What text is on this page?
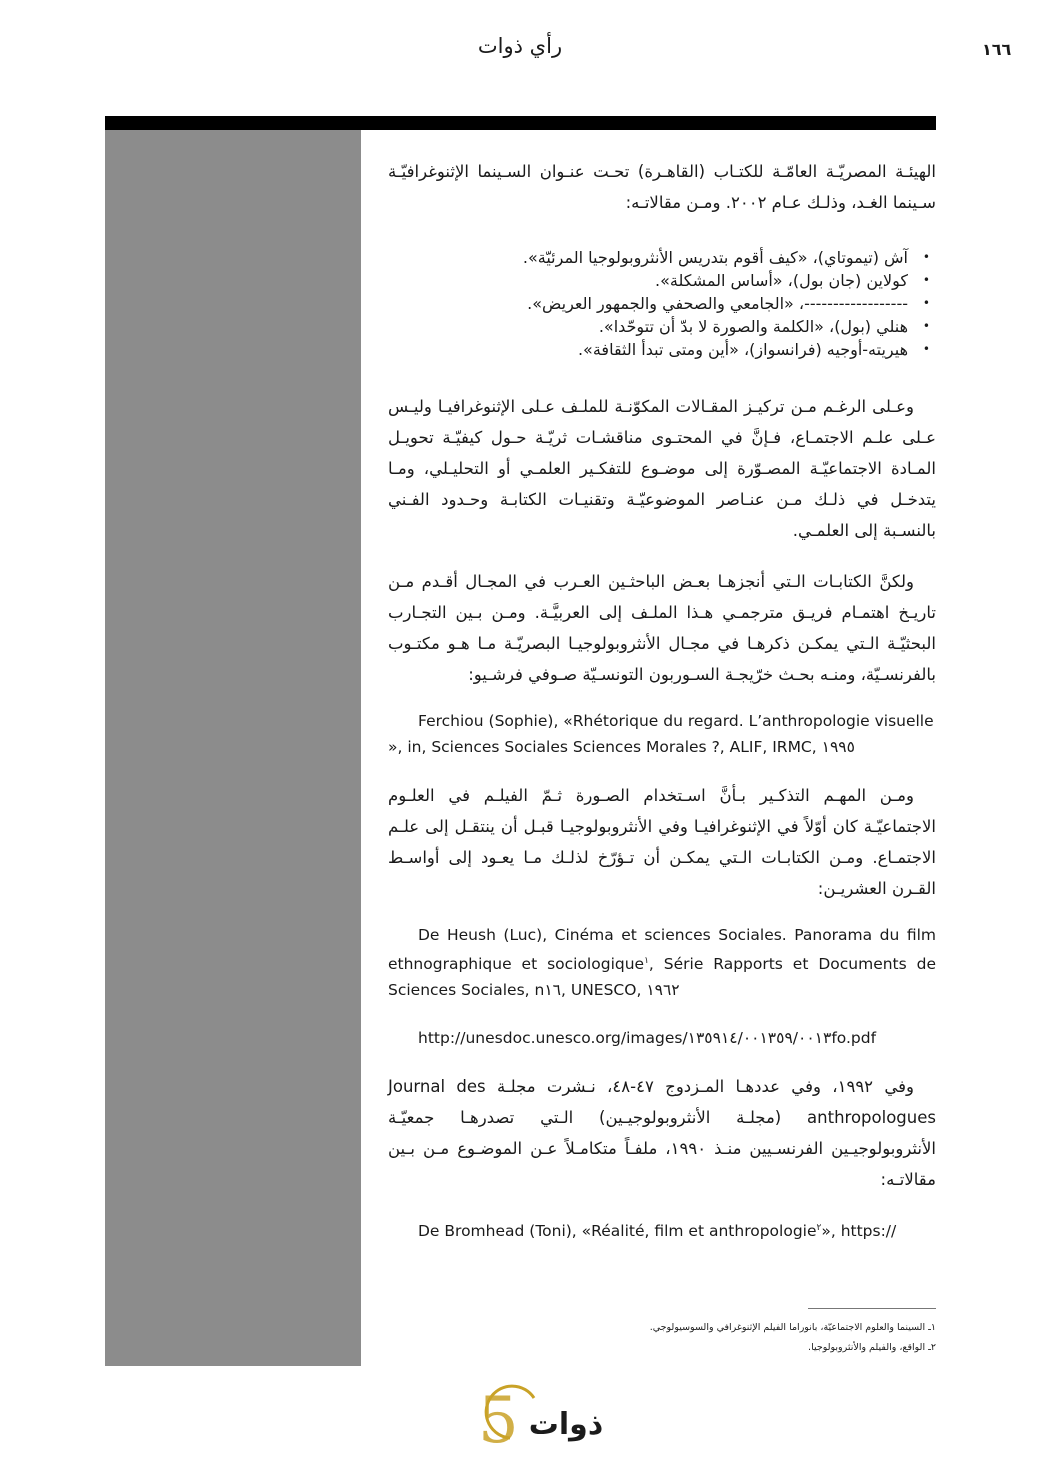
١٦٦
رأي ذوات

الهيئـة المصريّـة العامّـة للكتـاب (القاهـرة) تحـت عنـوان السـينما الإثنوغرافيّـة سـينما الغـد، وذلـك عـام ٢٠٠٢. ومـن مقالاتـه:

• آش (تيموتاي)، «كيف أقوم بتدريس الأنثروبولوجيا المرئيّة».
• كولاين (جان بول)، «أساس المشكلة».
• ------------------، «الجامعي والصحفي والجمهور العريض».
• هنلي (بول)، «الكلمة والصورة لا بدّ أن تتوحّدا».
• هيريته-أوجيه (فرانسواز)، «أين ومتى تبدأ الثقافة».

وعـلى الرغـم مـن تركيـز المقـالات المكوّنـة للملـف عـلى الإثنوغرافيـا وليـس عـلى علـم الاجتمـاع، فـإنَّ في المحتـوى مناقشـات ثريّـة حـول كيفيّـة تحويـل المـادة الاجتماعيّـة المصـوّرة إلى موضـوع للتفكـير العلمـي أو التحليـلي، ومـا يتدخـل في ذلـك مـن عنـاصر الموضوعيّـة وتقنيـات الكتابـة وحـدود الفـني بالنسـبة إلى العلمـي.

ولكنَّ الكتابـات الـتي أنجزهـا بعـض الباحثـين العـرب في المجـال أقـدم مـن تاريـخ اهتمـام فريـق مترجمـي هـذا الملـف إلى العربيَّـة. ومـن بـين التجـارب البحثيّـة الـتي يمكـن ذكرهـا في مجـال الأنثروبولوجيـا البصريّـة مـا هـو مكتـوب بالفرنسـيّة، ومنـه بحـث خرّيجـة السـوربون التونسـيّة صـوفي فرشـيو:

Ferchiou (Sophie), «Rhétorique du regard. L’anthropologie visuelle », in, Sciences Sociales Sciences Morales ?, ALIF, IRMC, ١٩٩٥

ومـن المهـم التذكـير بـأنَّ اسـتخدام الصـورة ثـمّ الفيلـم في العلـوم الاجتماعيّـة كان أوّلاً في الإثنوغرافيـا وفي الأنثروبولوجيـا قبـل أن ينتقـل إلى علـم الاجتمـاع. ومـن الكتابـات الـتي يمكـن أن تـؤرّخ لذلـك مـا يعـود إلى أواسـط القـرن العشريـن:

De Heush (Luc), Cinéma et sciences Sociales. Panorama du film ethnographique et sociologique$^١$, Série Rapports et Documents de Sciences Sociales, n١٦, UNESCO, ١٩٦٢

http://unesdoc.unesco.org/images/١٣٥٩١٤/٠٠١٣٥٩/٠٠١٣fo.pdf

وفي ١٩٩٢، وفي عددهـا المـزدوج ٤٧-٤٨، نـشرت مجلـة Journal des anthropologues (مجلـة الأنثروبولوجيـين) الـتي تصدرهـا جمعيّـة الأنثروبولوجيـين الفرنسـيين منـذ ١٩٩٠، ملفـاً متكامـلاً عـن الموضـوع مـن بـين مقالاتـه:

De Bromhead (Toni), «Réalité, film et anthropologie$^٢$», https://

١ـ السينما والعلوم الاجتماعيّة، بانوراما الفيلم الإثنوغرافي والسوسيولوجي.
٢ـ الواقع، والفيلم والأنثروبولوجيا.
5 ذوات
